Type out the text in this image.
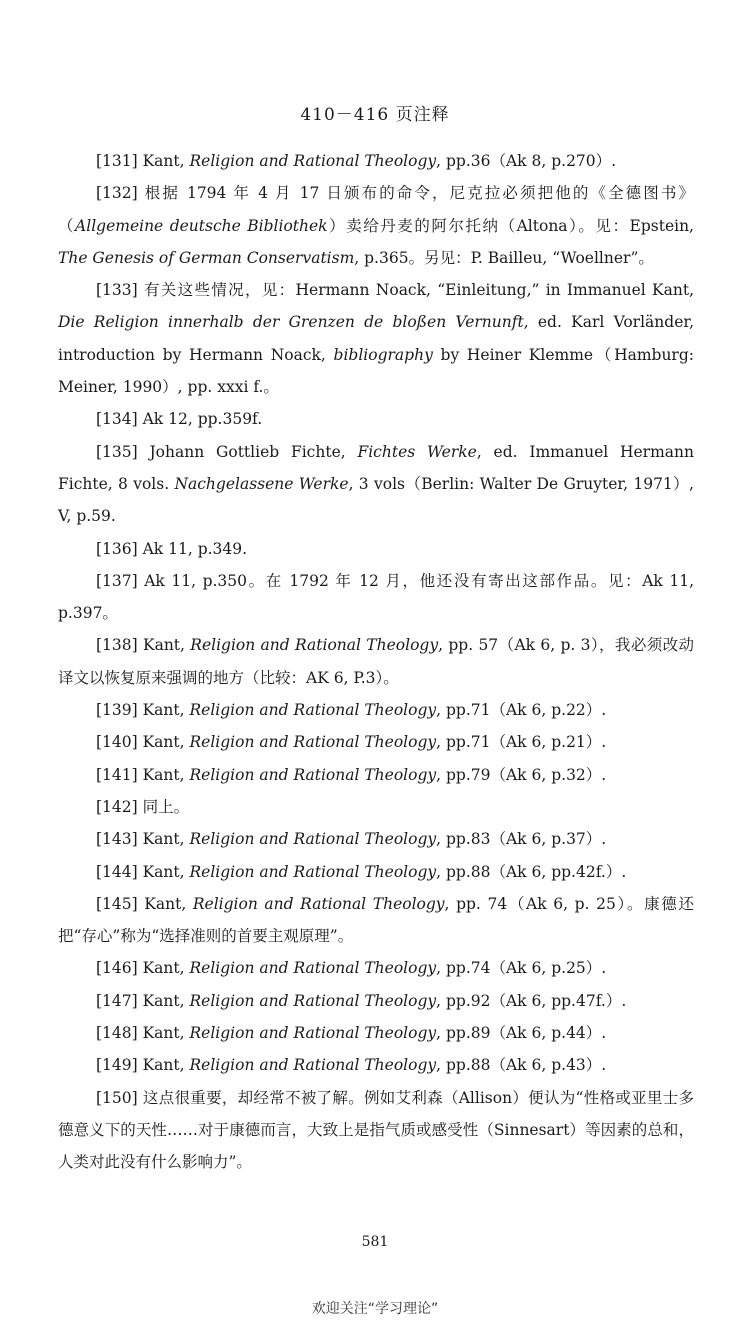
410－416 页注释

[131] Kant, Religion and Rational Theology, pp.36（Ak 8, p.270）.

[132] 根据 1794 年 4 月 17 日颁布的命令，尼克拉必须把他的《全德图书》（Allgemeine deutsche Bibliothek）卖给丹麦的阿尔托纳（Altona）。见：Epstein, The Genesis of German Conservatism, p.365。另见：P. Bailleu, “Woellner”。

[133] 有关这些情况，见：Hermann Noack, “Einleitung,” in Immanuel Kant, Die Religion innerhalb der Grenzen de bloßen Vernunft, ed. Karl Vorländer, introduction by Hermann Noack, bibliography by Heiner Klemme（Hamburg: Meiner, 1990）, pp. xxxi f.。

[134] Ak 12, pp.359f.

[135] Johann Gottlieb Fichte, Fichtes Werke, ed. Immanuel Hermann Fichte, 8 vols. Nachgelassene Werke, 3 vols（Berlin: Walter De Gruyter, 1971）, V, p.59.

[136] Ak 11, p.349.

[137] Ak 11, p.350。在 1792 年 12 月，他还没有寄出这部作品。见：Ak 11, p.397。

[138] Kant, Religion and Rational Theology, pp. 57（Ak 6, p. 3），我必须改动译文以恢复原来强调的地方（比较：AK 6, P.3）。

[139] Kant, Religion and Rational Theology, pp.71（Ak 6, p.22）.

[140] Kant, Religion and Rational Theology, pp.71（Ak 6, p.21）.

[141] Kant, Religion and Rational Theology, pp.79（Ak 6, p.32）.

[142] 同上。

[143] Kant, Religion and Rational Theology, pp.83（Ak 6, p.37）.

[144] Kant, Religion and Rational Theology, pp.88（Ak 6, pp.42f.）.

[145] Kant, Religion and Rational Theology, pp. 74（Ak 6, p. 25）。康德还把“存心”称为“选择准则的首要主观原理”。

[146] Kant, Religion and Rational Theology, pp.74（Ak 6, p.25）.

[147] Kant, Religion and Rational Theology, pp.92（Ak 6, pp.47f.）.

[148] Kant, Religion and Rational Theology, pp.89（Ak 6, p.44）.

[149] Kant, Religion and Rational Theology, pp.88（Ak 6, p.43）.

[150] 这点很重要，却经常不被了解。例如艾利森（Allison）便认为“性格或亚里士多德意义下的天性……对于康德而言，大致上是指气质或感受性（Sinnesart）等因素的总和，人类对此没有什么影响力”。

581
欢迎关注“学习理论”
